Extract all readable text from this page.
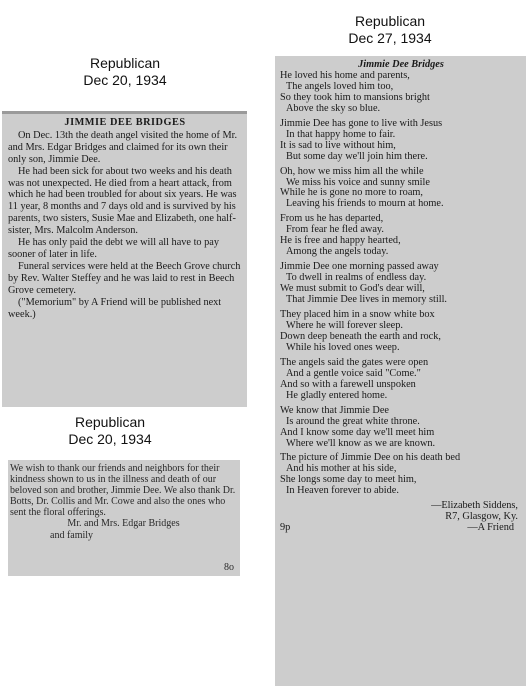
Republican
Dec 20, 1934
JIMMIE DEE BRIDGES

On Dec. 13th the death angel visited the home of Mr. and Mrs. Edgar Bridges and claimed for its own their only son, Jimmie Dee.

He had been sick for about two weeks and his death was not unexpected. He died from a heart attack, from which he had been troubled for about six years. He was 11 year, 8 months and 7 days old and is survived by his parents, two sisters, Susie Mae and Elizabeth, one half-sister, Mrs. Malcolm Anderson.

He has only paid the debt we will all have to pay sooner of later in life.

Funeral services were held at the Beech Grove church by Rev. Walter Steffey and he was laid to rest in Beech Grove cemetery.

("Memorium" by A Friend will be published next week.)

Republican
Dec 20, 1934

We wish to thank our friends and neighbors for their kindness shown to us in the illness and death of our beloved son and brother, Jimmie Dee. We also thank Dr. Botts, Dr. Collis and Mr. Cowe and also the ones who sent the floral offerings.

Mr. and Mrs. Edgar Bridges
and family
8o
Republican
Dec 27, 1934
Jimmie Dee Bridges
He loved his home and parents,
The angels loved him too,
So they took him to mansions bright
Above the sky so blue.
Jimmie Dee has gone to live with Jesus
In that happy home to fair.
It is sad to live without him,
But some day we'll join him there.
Oh, how we miss him all the while
We miss his voice and sunny smile
While he is gone no more to roam,
Leaving his friends to mourn at home.
From us he has departed,
From fear he fled away.
He is free and happy hearted,
Among the angels today.
Jimmie Dee one morning passed away
To dwell in realms of endless day.
We must submit to God's dear will,
That Jimmie Dee lives in memory still.
They placed him in a snow white box
Where he will forever sleep.
Down deep beneath the earth and rock,
While his loved ones weep.
The angels said the gates were open
And a gentle voice said "Come."
And so with a farewell unspoken
He gladly entered home.
We know that Jimmie Dee
Is around the great white throne.
And I know some day we'll meet him
Where we'll know as we are known.
The picture of Jimmie Dee on his death bed
And his mother at his side,
She longs some day to meet him,
In Heaven forever to abide.
—Elizabeth Siddens,
R7, Glasgow, Ky.
9p	—A Friend
